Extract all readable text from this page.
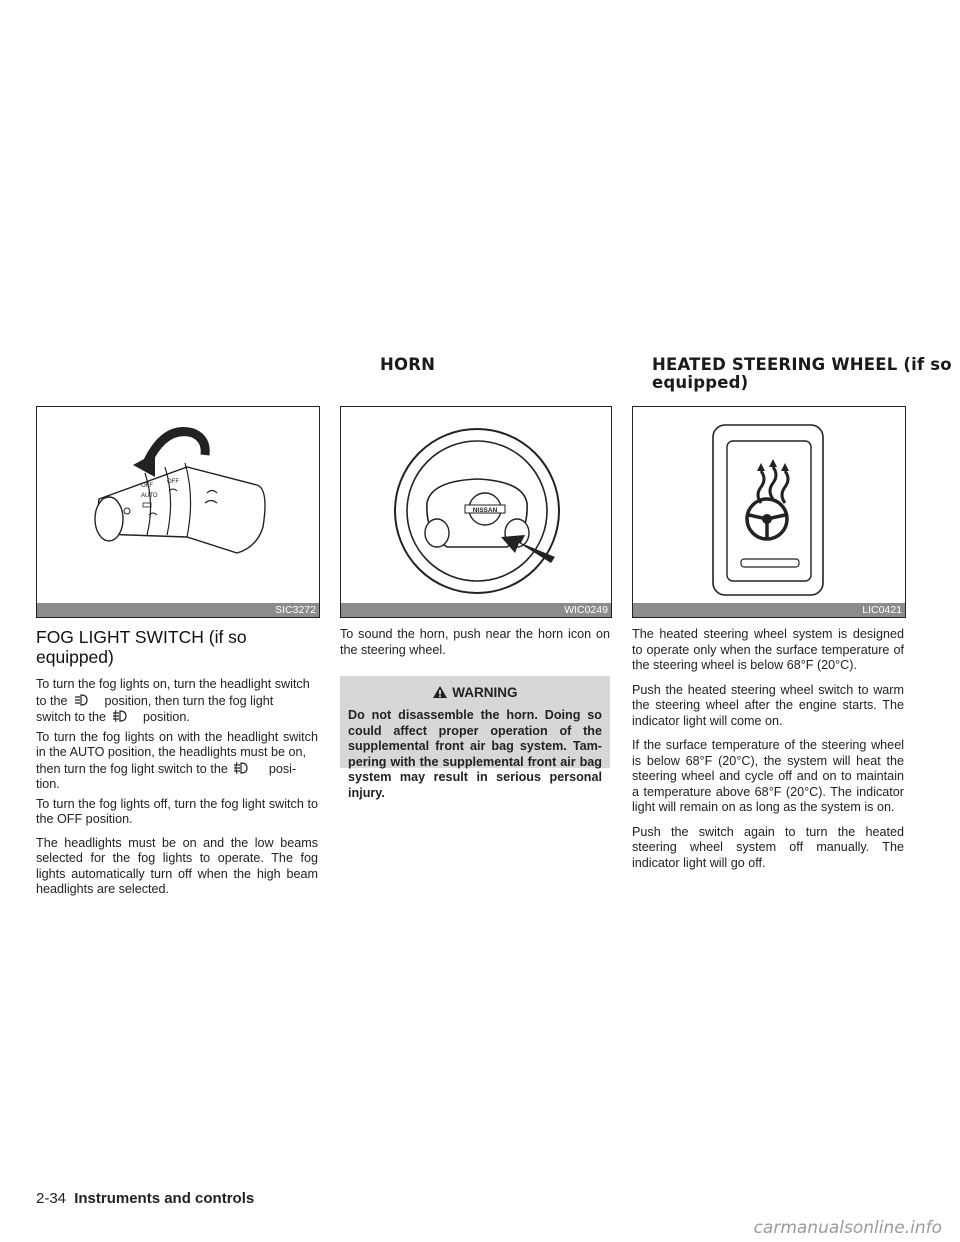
HORN	HEATED STEERING WHEEL (if so
equipped)
OFF
AUTO
OFF
SIC3272
NISSAN
WIC0249	LIC0421
FOG LIGHT SWITCH (if so equipped)

To turn the fog lights on, turn the headlight switch
to the	position, then turn the fog light
switch to the	position.

To turn the fog lights on with the headlight switch in the AUTO position, the headlights must be on,
then turn the fog light switch to the	posi-
tion.

To turn the fog lights off, turn the fog light switch to the OFF position.

The headlights must be on and the low beams selected for the fog lights to operate. The fog lights automatically turn off when the high beam headlights are selected.

To sound the horn, push near the horn icon on the steering wheel.

WARNING

Do not disassemble the horn. Doing so could affect proper operation of the supplemental front air bag system. Tam-pering with the supplemental front air bag system may result in serious personal injury.

The heated steering wheel system is designed to operate only when the surface temperature of the steering wheel is below 68°F (20°C).

Push the heated steering wheel switch to warm the steering wheel after the engine starts. The indicator light will come on.

If the surface temperature of the steering wheel is below 68°F (20°C), the system will heat the steering wheel and cycle off and on to maintain a temperature above 68°F (20°C). The indicator light will remain on as long as the system is on.

Push the switch again to turn the heated steering wheel system off manually. The indicator light will go off.

2-34 Instruments and controls
carmanualsonline.info
